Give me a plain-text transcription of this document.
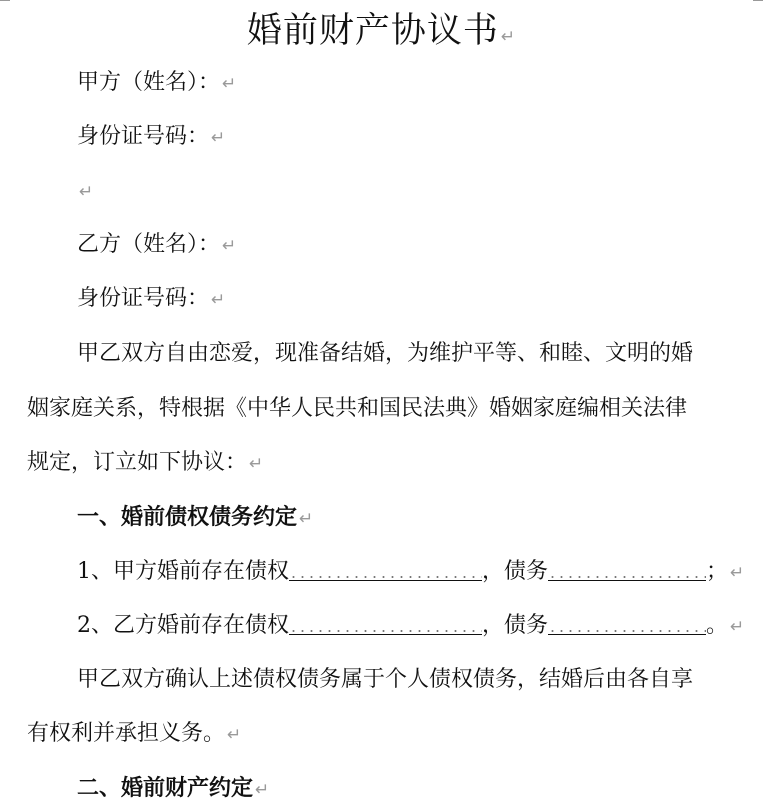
婚前财产协议书 ↵
甲方（姓名）： ↵
身份证号码： ↵
↵
乙方（姓名）： ↵
身份证号码： ↵
甲乙双方自由恋爱，现准备结婚，为维护平等、和睦、文明的婚
姻家庭关系，特根据《中华人民共和国民法典》婚姻家庭编相关法律
规定，订立如下协议： ↵
一、婚前债权债务约定 ↵
1、甲方婚前存在债权	，债务	； ↵
2、乙方婚前存在债权	，债务	。 ↵
甲乙双方确认上述债权债务属于个人债权债务，结婚后由各自享
有权利并承担义务。 ↵
二、婚前财产约定 ↵
